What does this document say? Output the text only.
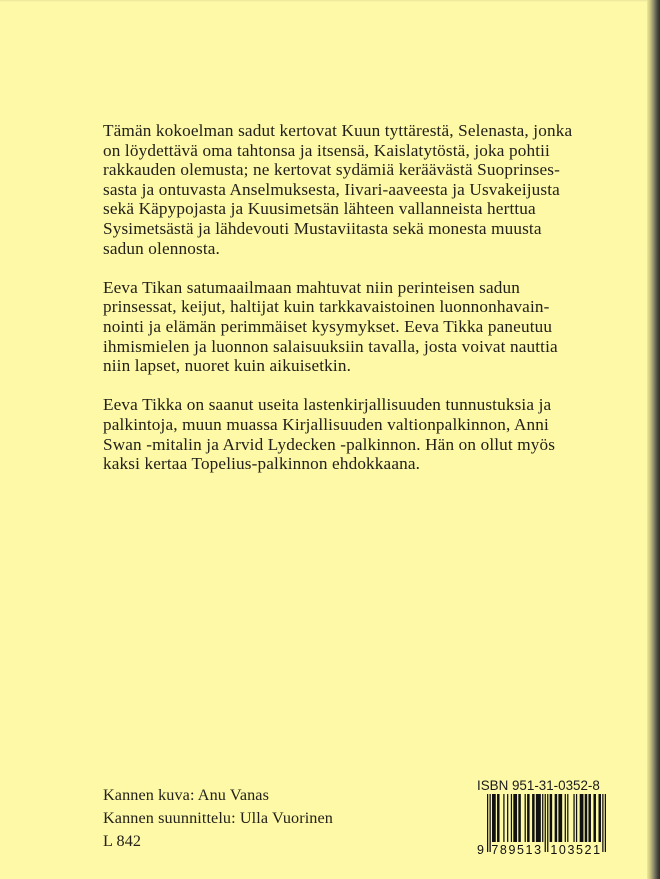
Tämän kokoelman sadut kertovat Kuun tyttärestä, Selenasta, jonka
on löydettävä oma tahtonsa ja itsensä, Kaislatytöstä, joka pohtii
rakkauden olemusta; ne kertovat sydämiä keräävästä Suoprinses-
sasta ja ontuvasta Anselmuksesta, Iivari-aaveesta ja Usvakeijusta
sekä Käpypojasta ja Kuusimetsän lähteen vallanneista herttua
Sysimetsästä ja lähdevouti Mustaviitasta sekä monesta muusta
sadun olennosta.
Eeva Tikan satumaailmaan mahtuvat niin perinteisen sadun
prinsessat, keijut, haltijat kuin tarkkavaistoinen luonnonhavain-
nointi ja elämän perimmäiset kysymykset. Eeva Tikka paneutuu
ihmismielen ja luonnon salaisuuksiin tavalla, josta voivat nauttia
niin lapset, nuoret kuin aikuisetkin.
Eeva Tikka on saanut useita lastenkirjallisuuden tunnustuksia ja
palkintoja, muun muassa Kirjallisuuden valtionpalkinnon, Anni
Swan -mitalin ja Arvid Lydecken -palkinnon. Hän on ollut myös
kaksi kertaa Topelius-palkinnon ehdokkaana.
Kannen kuva: Anu Vanas
Kannen suunnittelu: Ulla Vuorinen
L 842
ISBN 951-31-0352-8
9 789513 103521
